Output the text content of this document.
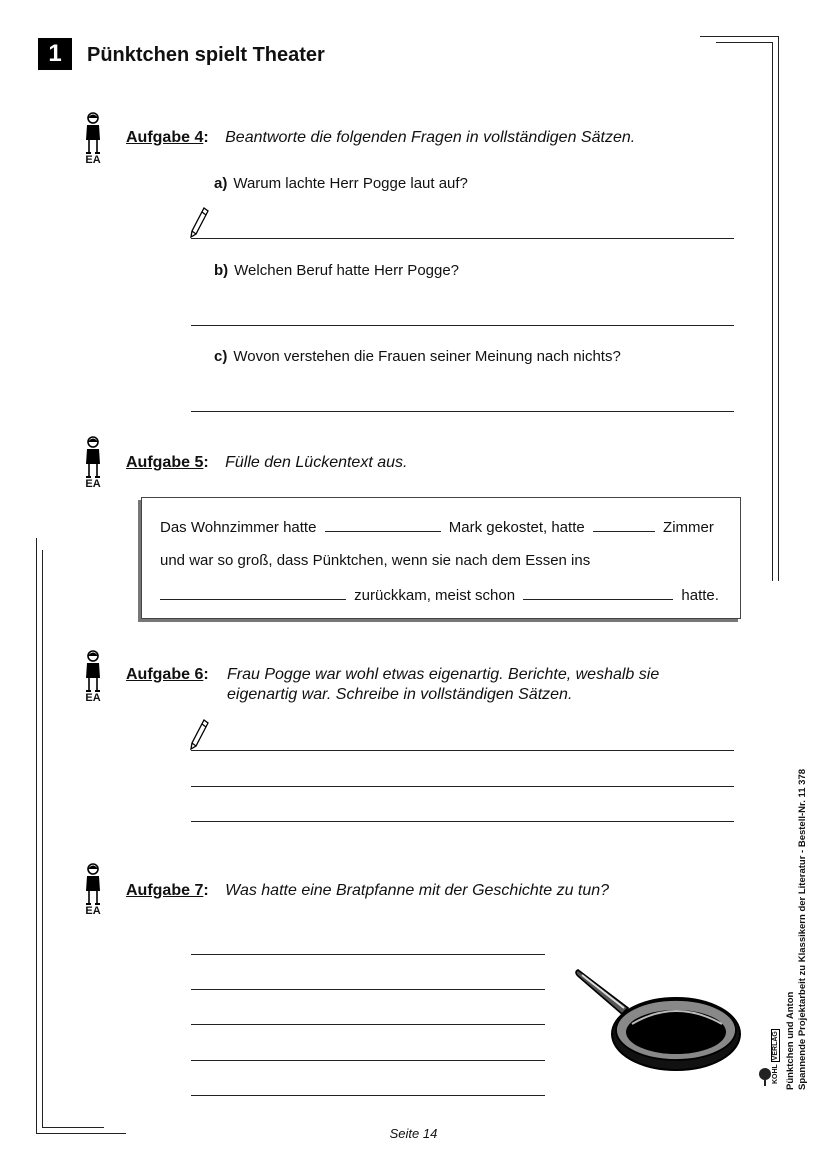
1	Pünktchen spielt Theater
EA
EA
EA
EA
Aufgabe 4: Beantworte die folgenden Fragen in vollständigen Sätzen.
a) Warum lachte Herr Pogge laut auf?
b) Welchen Beruf hatte Herr Pogge?
c) Wovon verstehen die Frauen seiner Meinung nach nichts?
Aufgabe 5: Fülle den Lückentext aus.
Das Wohnzimmer hatte	Mark gekostet, hatte	Zimmer
und war so groß, dass Pünktchen, wenn sie nach dem Essen ins
zurückkam, meist schon	hatte.
Aufgabe 6: Frau Pogge war wohl etwas eigenartig. Berichte, weshalb sie
eigenartig war. Schreibe in vollständigen Sätzen.
Aufgabe 7: Was hatte eine Bratpfanne mit der Geschichte zu tun?
Pünktchen und Anton Spannende Projektarbeit zu Klassikern der Literatur - Bestell-Nr. 11 378
KOHL VERLAG
Seite 14
